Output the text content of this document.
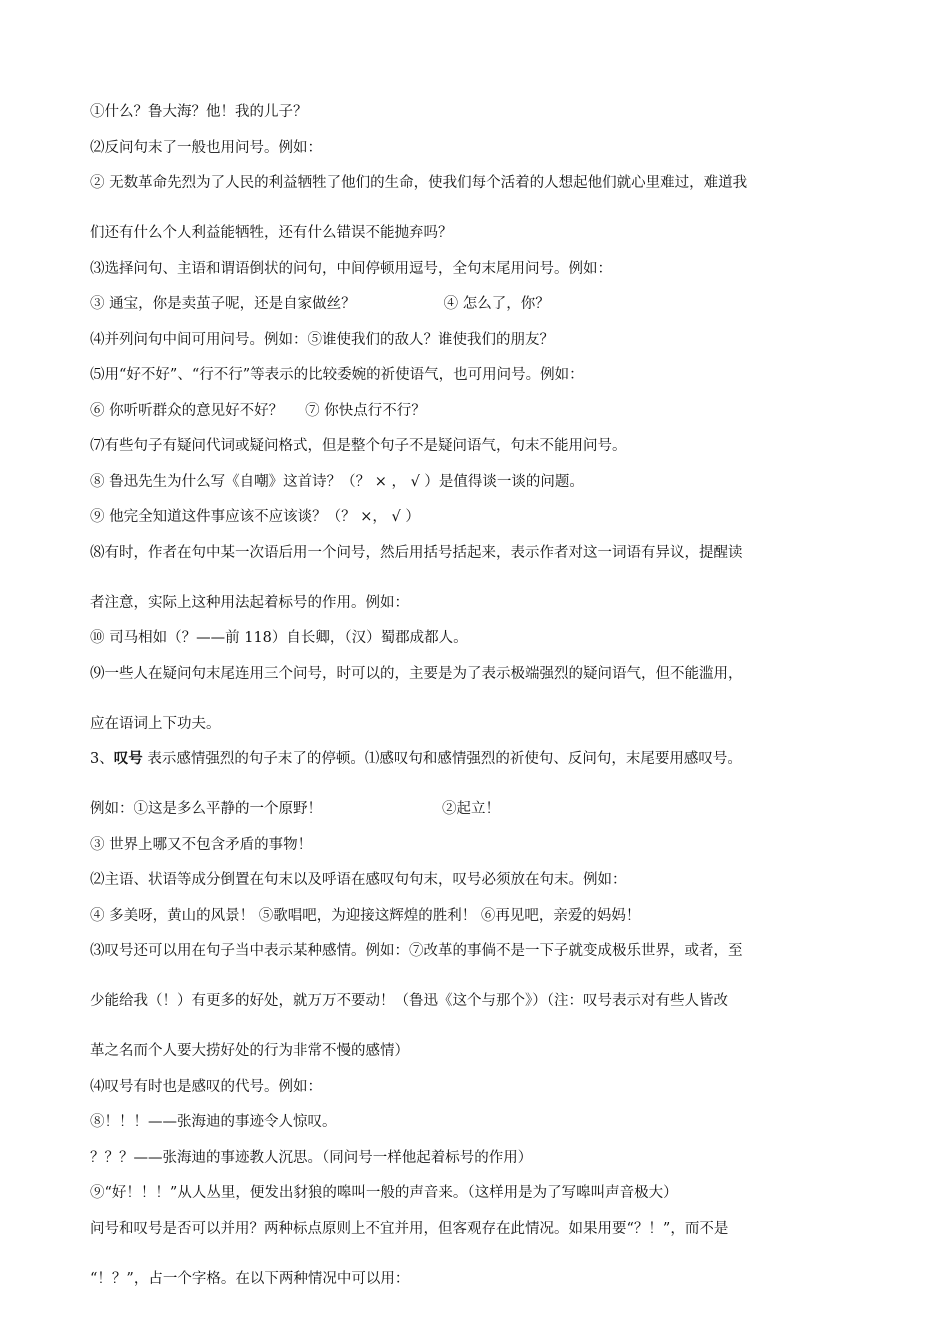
①什么？鲁大海？他！我的儿子？
⑵反问句末了一般也用问号。例如：
② 无数革命先烈为了人民的利益牺牲了他们的生命，使我们每个活着的人想起他们就心里难过，难道我
们还有什么个人利益能牺牲，还有什么错误不能抛弃吗？
⑶选择问句、主语和谓语倒状的问句，中间停顿用逗号，全句末尾用问号。例如：
③ 通宝，你是卖茧子呢，还是自家做丝？	④ 怎么了，你？
⑷并列问句中间可用问号。例如：⑤谁使我们的敌人？谁使我们的朋友？
⑸用“好不好”、“行不行”等表示的比较委婉的祈使语气，也可用问号。例如：
⑥ 你听听群众的意见好不好？ ⑦ 你快点行不行？
⑺有些句子有疑问代词或疑问格式，但是整个句子不是疑问语气，句末不能用问号。
⑧ 鲁迅先生为什么写《自嘲》这首诗？（？ × ， √ ）是值得谈一谈的问题。
⑨ 他完全知道这件事应该不应该谈？（？ ×， √ ）
⑻有时，作者在句中某一次语后用一个问号，然后用括号括起来，表示作者对这一词语有异议，提醒读
者注意，实际上这种用法起着标号的作用。例如：
⑩ 司马相如（？——前 118）自长卿，（汉）蜀郡成都人。
⑼一些人在疑问句末尾连用三个问号，时可以的，主要是为了表示极端强烈的疑问语气，但不能滥用，
应在语词上下功夫。
3、叹号 表示感情强烈的句子末了的停顿。⑴感叹句和感情强烈的祈使句、反问句，末尾要用感叹号。
例如：①这是多么平静的一个原野！	②起立！
③ 世界上哪又不包含矛盾的事物！
⑵主语、状语等成分倒置在句末以及呼语在感叹句句末，叹号必须放在句末。例如：
④ 多美呀，黄山的风景！ ⑤歌唱吧，为迎接这辉煌的胜利！ ⑥再见吧，亲爱的妈妈！
⑶叹号还可以用在句子当中表示某种感情。例如：⑦改革的事倘不是一下子就变成极乐世界，或者，至
少能给我（！）有更多的好处，就万万不要动！（鲁迅《这个与那个》）（注：叹号表示对有些人皆改
革之名而个人要大捞好处的行为非常不慢的感情）
⑷叹号有时也是感叹的代号。例如：
⑧！！！——张海迪的事迹令人惊叹。
？？？——张海迪的事迹教人沉思。（同问号一样他起着标号的作用）
⑨“好！！！”从人丛里，便发出豺狼的嗥叫一般的声音来。（这样用是为了写嗥叫声音极大）
问号和叹号是否可以并用？两种标点原则上不宜并用，但客观存在此情况。如果用要“？！”，而不是
“！？”，占一个字格。在以下两种情况中可以用：
